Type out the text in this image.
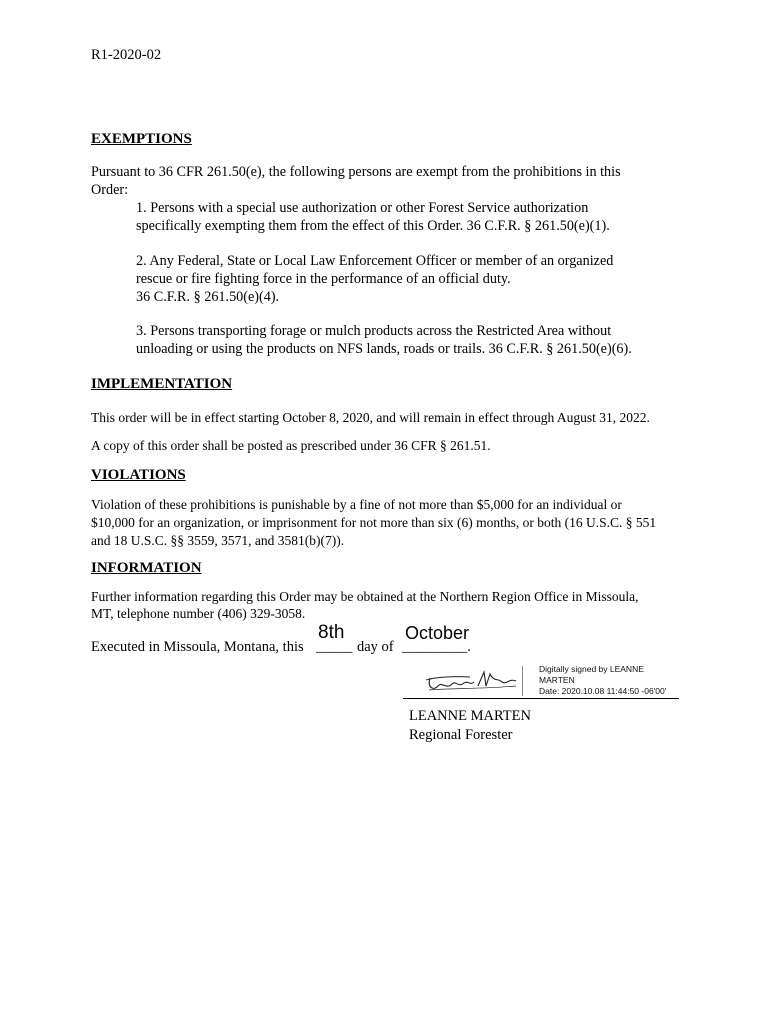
R1-2020-02
EXEMPTIONS
Pursuant to 36 CFR 261.50(e), the following persons are exempt from the prohibitions in this
Order:
1. Persons with a special use authorization or other Forest Service authorization
specifically exempting them from the effect of this Order. 36 C.F.R. § 261.50(e)(1).
2. Any Federal, State or Local Law Enforcement Officer or member of an organized
rescue or fire fighting force in the performance of an official duty.
36 C.F.R. § 261.50(e)(4).
3. Persons transporting forage or mulch products across the Restricted Area without
unloading or using the products on NFS lands, roads or trails. 36 C.F.R. § 261.50(e)(6).
IMPLEMENTATION
This order will be in effect starting October 8, 2020, and will remain in effect through August 31, 2022.
A copy of this order shall be posted as prescribed under 36 CFR § 261.51.
VIOLATIONS
Violation of these prohibitions is punishable by a fine of not more than $5,000 for an individual or
$10,000 for an organization, or imprisonment for not more than six (6) months, or both (16 U.S.C. § 551
and 18 U.S.C. §§ 3559, 3571, and 3581(b)(7)).
INFORMATION
Further information regarding this Order may be obtained at the Northern Region Office in Missoula,
MT, telephone number (406) 329-3058.
Executed in Missoula, Montana, this _____
8th
day of _________.
October
Digitally signed by LEANNE
MARTEN
Date: 2020.10.08 11:44:50 -06'00'
LEANNE MARTEN
Regional Forester
